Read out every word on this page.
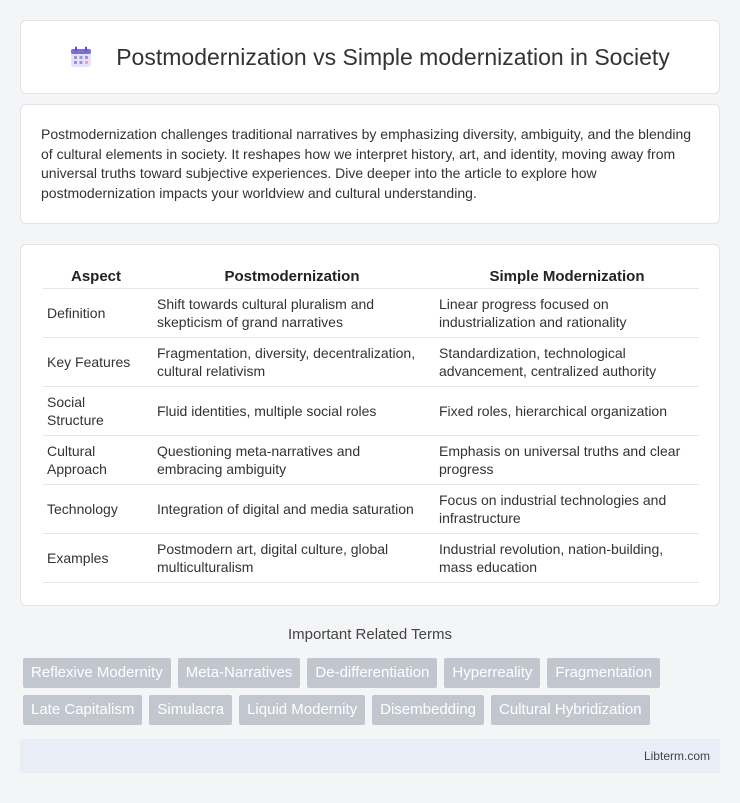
Postmodernization vs Simple modernization in Society

Postmodernization challenges traditional narratives by emphasizing diversity, ambiguity, and the blending of cultural elements in society. It reshapes how we interpret history, art, and identity, moving away from universal truths toward subjective experiences. Dive deeper into the article to explore how postmodernization impacts your worldview and cultural understanding.

Aspect	Postmodernization	Simple Modernization
Definition	Shift towards cultural pluralism and skepticism of grand narratives	Linear progress focused on industrialization and rationality
Key Features	Fragmentation, diversity, decentralization, cultural relativism	Standardization, technological advancement, centralized authority
Social Structure	Fluid identities, multiple social roles	Fixed roles, hierarchical organization
Cultural Approach	Questioning meta-narratives and embracing ambiguity	Emphasis on universal truths and clear progress
Technology	Integration of digital and media saturation	Focus on industrial technologies and infrastructure
Examples	Postmodern art, digital culture, global multiculturalism	Industrial revolution, nation-building, mass education
Important Related Terms
Reflexive Modernity	Meta-Narratives	De-differentiation	Hyperreality	Fragmentation
Late Capitalism	Simulacra	Liquid Modernity	Disembedding	Cultural Hybridization
Libterm.com
